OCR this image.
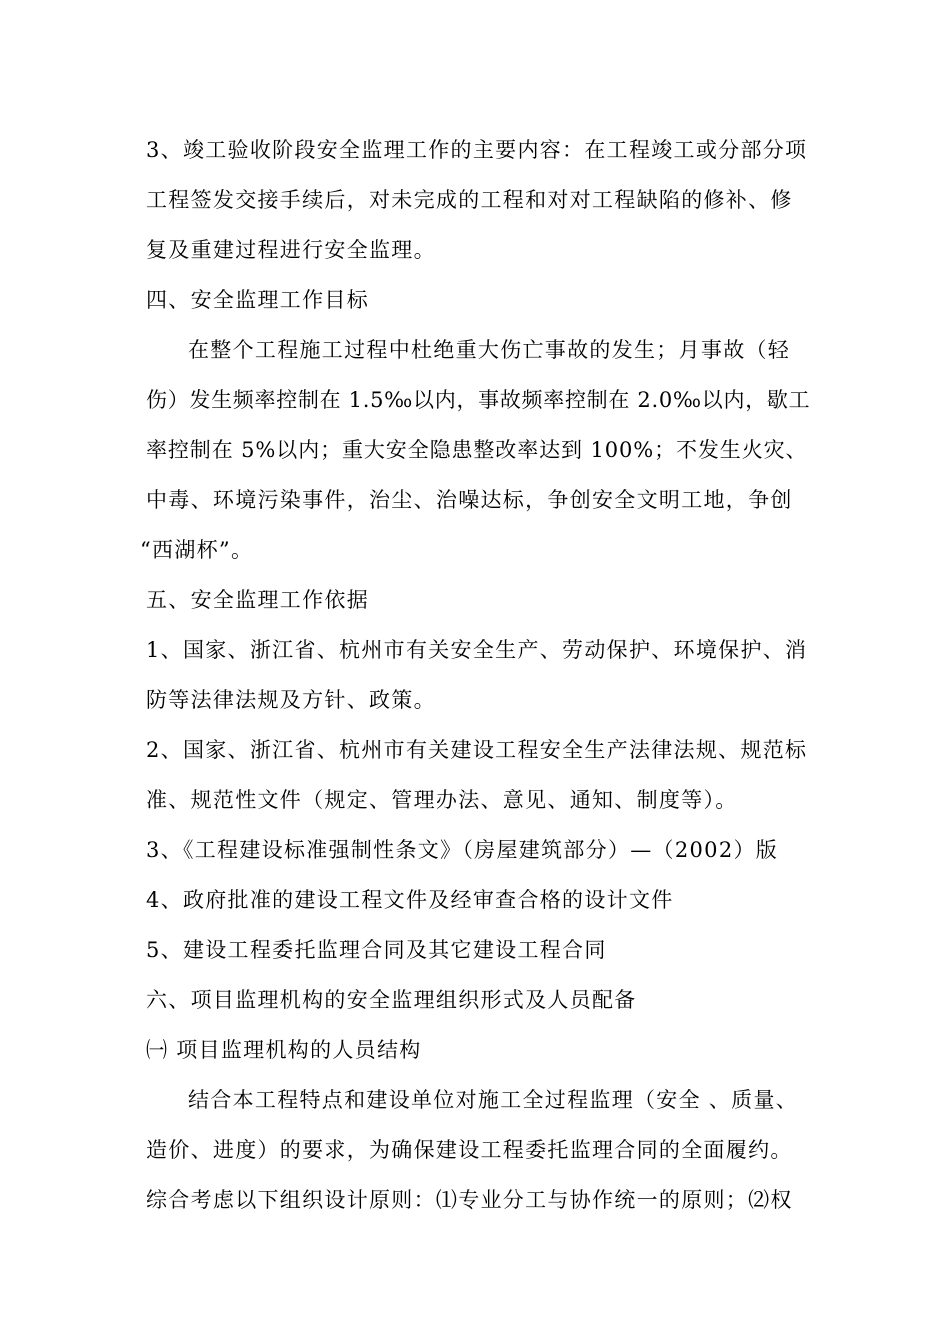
3、竣工验收阶段安全监理工作的主要内容：在工程竣工或分部分项
工程签发交接手续后，对未完成的工程和对对工程缺陷的修补、修
复及重建过程进行安全监理。
四、安全监理工作目标
在整个工程施工过程中杜绝重大伤亡事故的发生；月事故（轻
伤）发生频率控制在 1.5‰以内，事故频率控制在 2.0‰以内，歇工
率控制在 5%以内；重大安全隐患整改率达到 100%；不发生火灾、
中毒、环境污染事件，治尘、治噪达标，争创安全文明工地，争创
“西湖杯”。
五、安全监理工作依据
1、国家、浙江省、杭州市有关安全生产、劳动保护、环境保护、消
防等法律法规及方针、政策。
2、国家、浙江省、杭州市有关建设工程安全生产法律法规、规范标
准、规范性文件（规定、管理办法、意见、通知、制度等）。
3、《工程建设标准强制性条文》（房屋建筑部分）—（2002）版
4、政府批准的建设工程文件及经审查合格的设计文件
5、建设工程委托监理合同及其它建设工程合同
六、项目监理机构的安全监理组织形式及人员配备
㈠ 项目监理机构的人员结构
结合本工程特点和建设单位对施工全过程监理（安全 、质量、
造价、进度）的要求，为确保建设工程委托监理合同的全面履约。
综合考虑以下组织设计原则：⑴专业分工与协作统一的原则；⑵权
